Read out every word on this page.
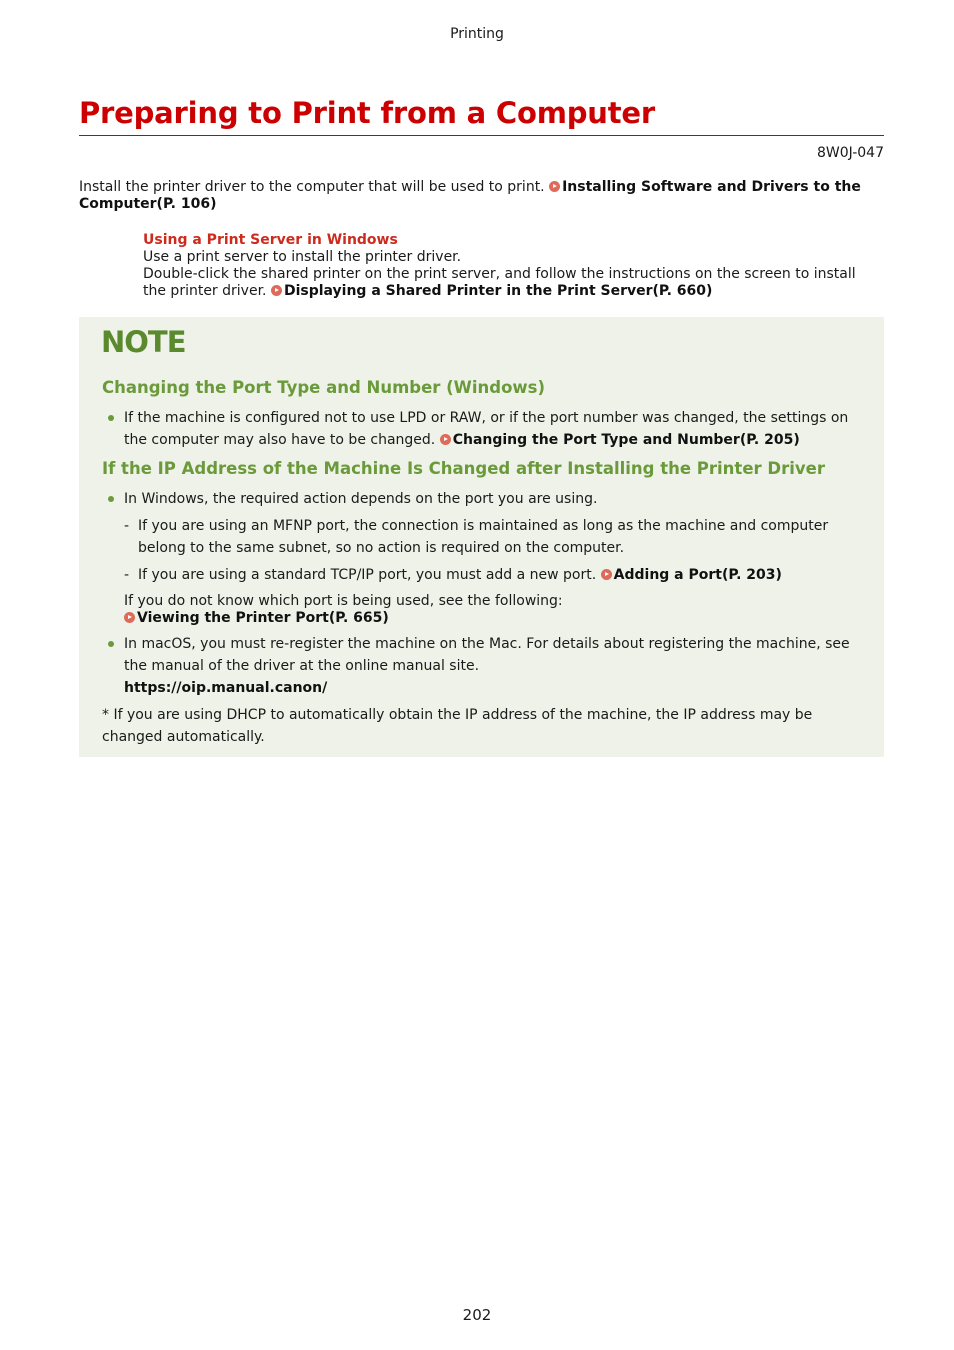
Printing
Preparing to Print from a Computer
8W0J-047
Install the printer driver to the computer that will be used to print. Installing Software and Drivers to the Computer(P. 106)
Using a Print Server in Windows
Use a print server to install the printer driver.
Double-click the shared printer on the print server, and follow the instructions on the screen to install the printer driver. Displaying a Shared Printer in the Print Server(P. 660)
NOTE
Changing the Port Type and Number (Windows)
If the machine is configured not to use LPD or RAW, or if the port number was changed, the settings on the computer may also have to be changed. Changing the Port Type and Number(P. 205)
If the IP Address of the Machine Is Changed after Installing the Printer Driver
In Windows, the required action depends on the port you are using.
- If you are using an MFNP port, the connection is maintained as long as the machine and computer belong to the same subnet, so no action is required on the computer.
- If you are using a standard TCP/IP port, you must add a new port. Adding a Port(P. 203)
If you do not know which port is being used, see the following:
Viewing the Printer Port(P. 665)
In macOS, you must re-register the machine on the Mac. For details about registering the machine, see the manual of the driver at the online manual site.
https://oip.manual.canon/
* If you are using DHCP to automatically obtain the IP address of the machine, the IP address may be changed automatically.
202
